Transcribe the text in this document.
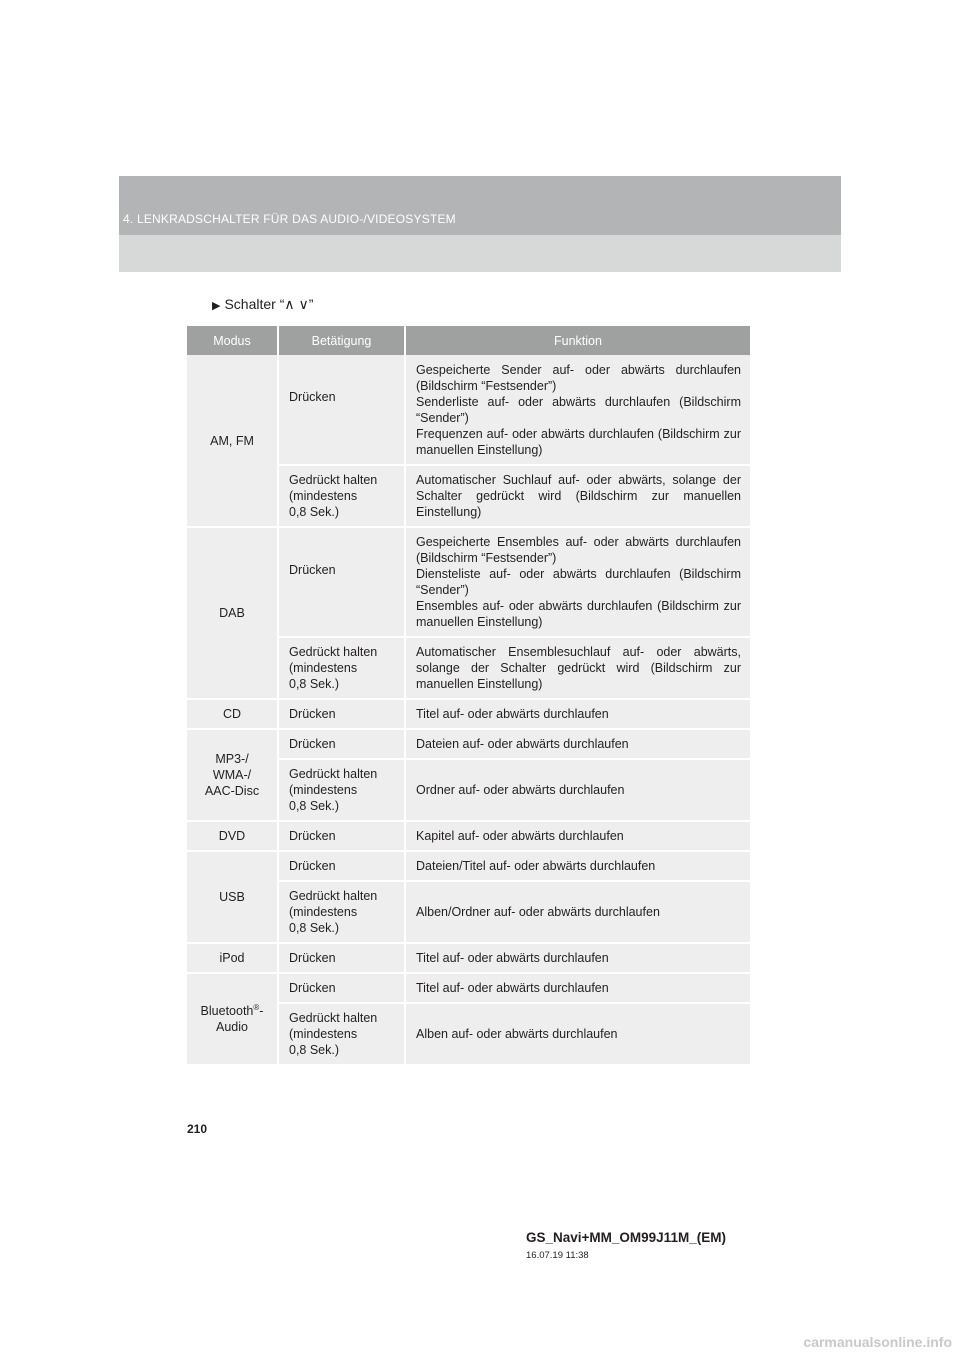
4. LENKRADSCHALTER FÜR DAS AUDIO-/VIDEOSYSTEM
▶ Schalter “∧ ∨”
Modus	Betätigung	Funktion
AM, FM	Drücken	Gespeicherte Sender auf- oder abwärts durchlaufen (Bildschirm “Festsender”)
Senderliste auf- oder abwärts durchlaufen (Bildschirm “Sender”)
Frequenzen auf- oder abwärts durchlaufen (Bildschirm zur manuellen Einstellung)

	Gedrückt halten
(mindestens
0,8 Sek.)	Automatischer Suchlauf auf- oder abwärts, solange der Schalter gedrückt wird (Bildschirm zur manuellen Einstellung)
DAB	Drücken	Gespeicherte Ensembles auf- oder abwärts durchlaufen (Bildschirm “Festsender”)
Diensteliste auf- oder abwärts durchlaufen (Bildschirm “Sender”)
Ensembles auf- oder abwärts durchlaufen (Bildschirm zur manuellen Einstellung)

	Gedrückt halten
(mindestens
0,8 Sek.)	Automatischer Ensemblesuchlauf auf- oder abwärts, solange der Schalter gedrückt wird (Bildschirm zur manuellen Einstellung)
CD	Drücken	Titel auf- oder abwärts durchlaufen

MP3-/
WMA-/
AAC-Disc	Drücken	Dateien auf- oder abwärts durchlaufen

	Gedrückt halten
(mindestens
0,8 Sek.)	Ordner auf- oder abwärts durchlaufen
DVD	Drücken	Kapitel auf- oder abwärts durchlaufen
USB	Drücken	Dateien/Titel auf- oder abwärts durchlaufen

	Gedrückt halten
(mindestens
0,8 Sek.)	Alben/Ordner auf- oder abwärts durchlaufen
iPod	Drücken	Titel auf- oder abwärts durchlaufen

Bluetooth®-
Audio	Drücken	Titel auf- oder abwärts durchlaufen

	Gedrückt halten
(mindestens
0,8 Sek.)	Alben auf- oder abwärts durchlaufen
210
GS_Navi+MM_OM99J11M_(EM)
16.07.19 11:38
carmanualsonline.info
